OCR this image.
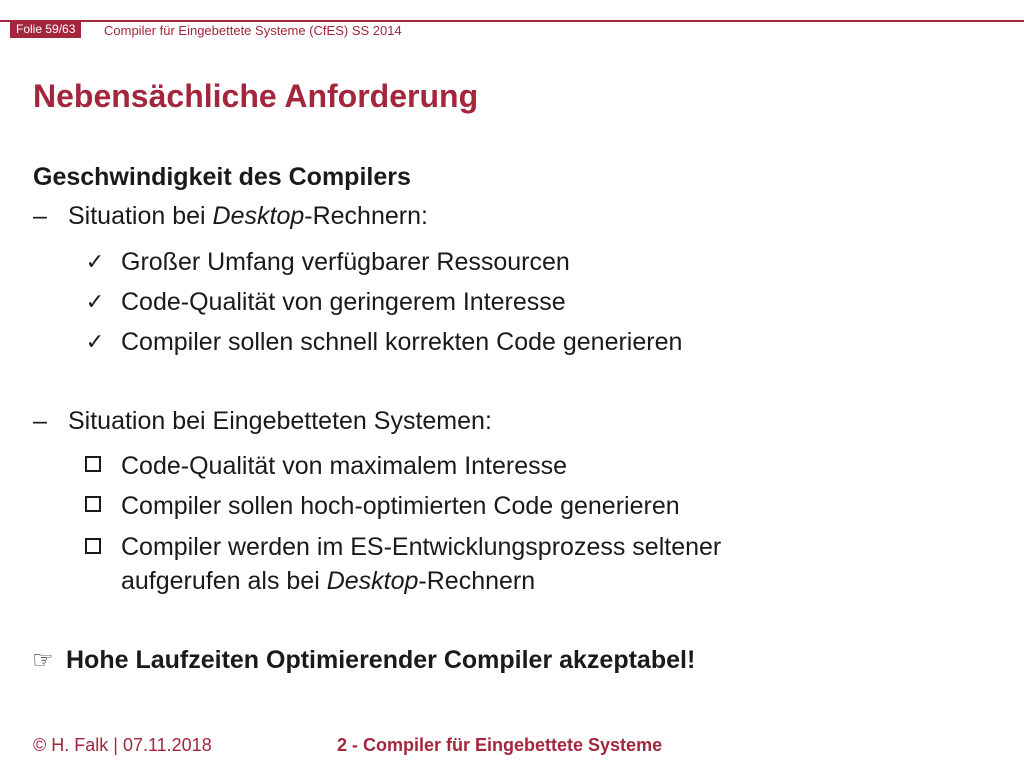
Folie 59/63	Compiler für Eingebettete Systeme (CfES) SS 2014
Nebensächliche Anforderung
Geschwindigkeit des Compilers
– Situation bei Desktop-Rechnern:
✓ Großer Umfang verfügbarer Ressourcen
✓ Code-Qualität von geringerem Interesse
✓ Compiler sollen schnell korrekten Code generieren
– Situation bei Eingebetteten Systemen:
Code-Qualität von maximalem Interesse
Compiler sollen hoch-optimierten Code generieren
Compiler werden im ES-Entwicklungsprozess seltener
aufgerufen als bei Desktop-Rechnern
☞ Hohe Laufzeiten Optimierender Compiler akzeptabel!
© H. Falk | 07.11.2018	2 - Compiler für Eingebettete Systeme
